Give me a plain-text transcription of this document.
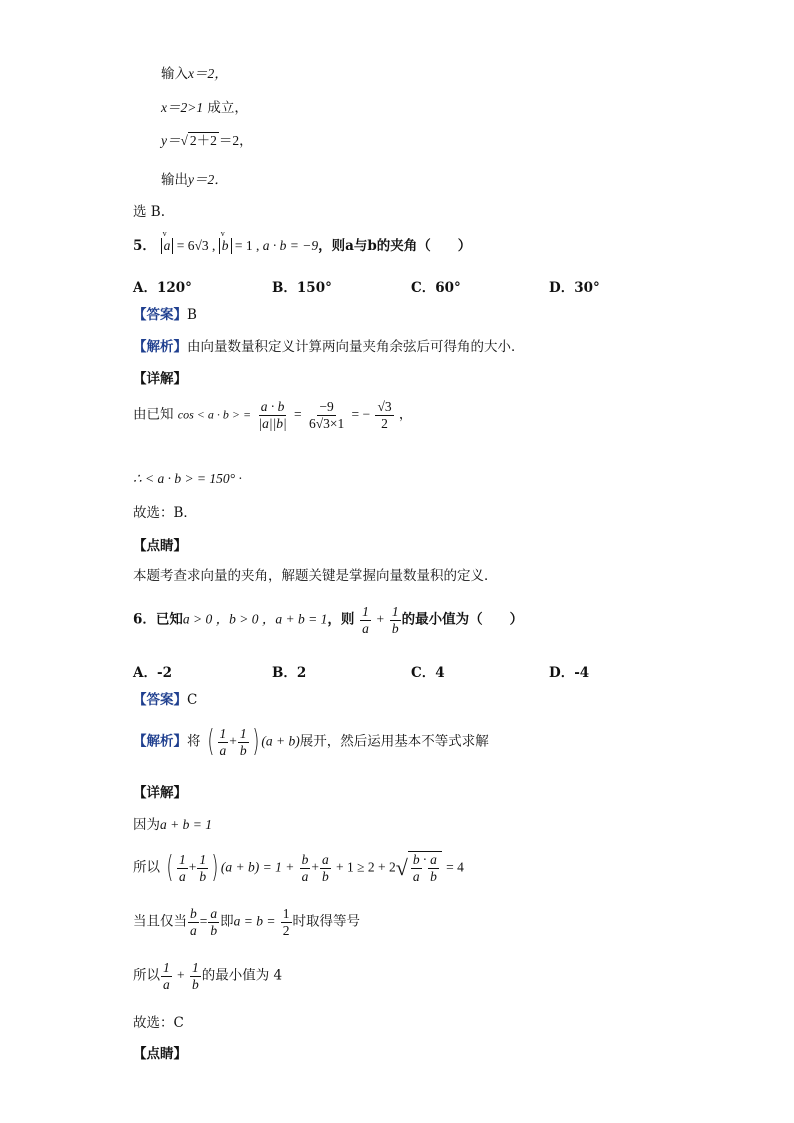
输入x＝2，
x＝2>1 成立，
y＝√ 2＋2 ＝2，
输出y＝2．
选 B.
5． v a = 6√3 , v b = 1 , a · b = −9，则a与b的夹角（　　）
A．120°	B．150°	C．60°	D．30°
【答案】B
【解析】由向量数量积定义计算两向量夹角余弦后可得角的大小．
【详解】
由已知 cos < a · b > = $\frac{a \cdot b}{|a||b|} = \frac{-9}{6√3\times 1}$ = − $\frac{√3}{2}$ ，
∴ < a · b > = 150° ·
故选：B．
【点睛】
本题考查求向量的夹角，解题关键是掌握向量数量积的定义．
6．已知a > 0 ，b > 0 ，a + b = 1，则 $\frac{1}{a} + \frac{1}{b}$ 的最小值为（　　）
A．-2	B．2	C．4	D．-4
【答案】C
【解析】将 ( $\frac{1}{a} + \frac{1}{b}$ ) (a + b)展开，然后运用基本不等式求解
【详解】
因为a + b = 1
所以 ( $\frac{1}{a} + \frac{1}{b}$ ) $(a + b) = 1 + \frac{b}{a} + \frac{a}{b} + 1 \ge 2 + 2√ \frac{b}{a} \cdot \frac{a}{b} = 4$
当且仅当 $\frac{b}{a} = \frac{a}{b}$ 即$a = b = \frac{1}{2}$ 时取得等号
所以 $\frac{1}{a} + \frac{1}{b}$ 的最小值为 4
故选：C
【点睛】
